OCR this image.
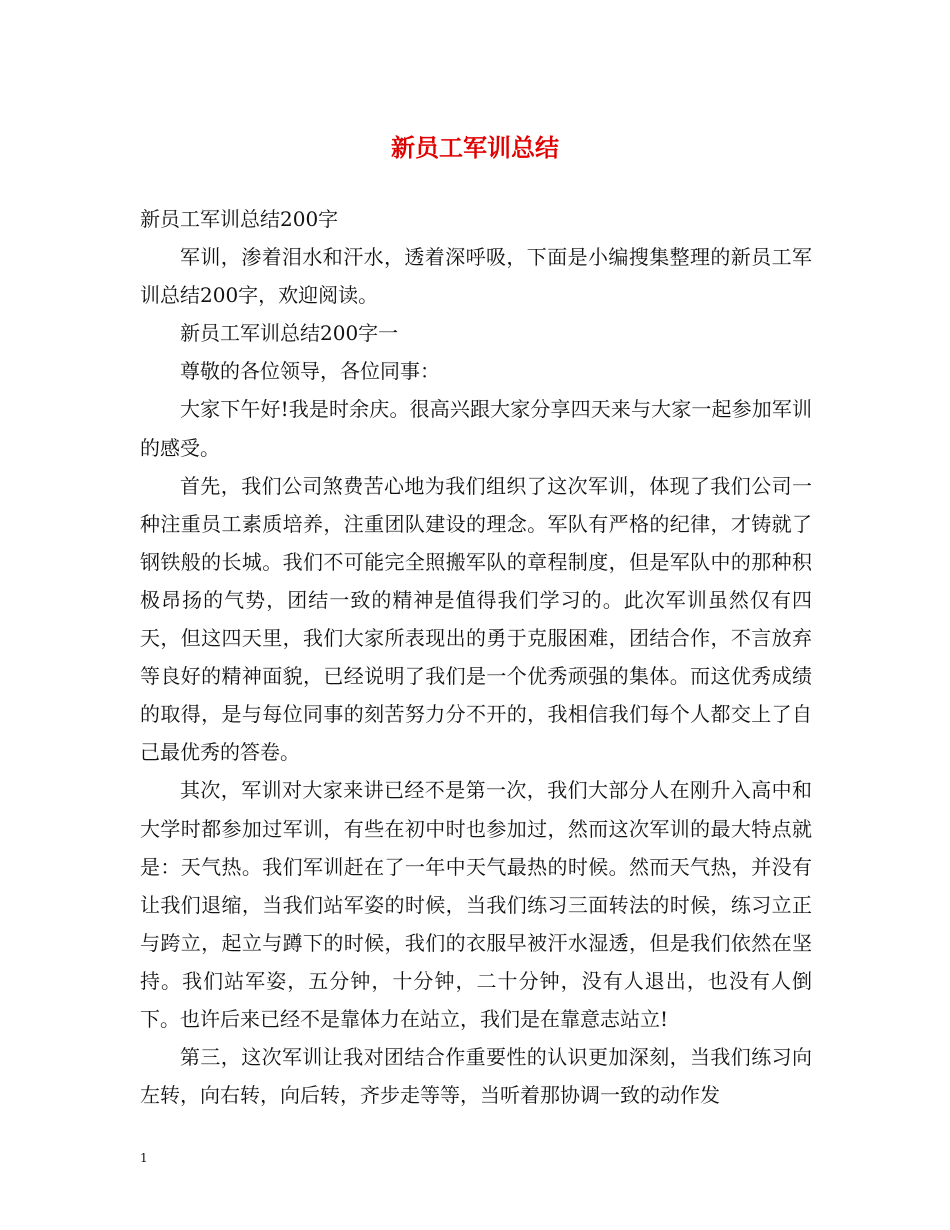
新员工军训总结

新员工军训总结200字

军训，渗着泪水和汗水，透着深呼吸，下面是小编搜集整理的新员工军训总结200字，欢迎阅读。

新员工军训总结200字一

尊敬的各位领导，各位同事：

大家下午好!我是时余庆。很高兴跟大家分享四天来与大家一起参加军训的感受。

首先，我们公司煞费苦心地为我们组织了这次军训，体现了我们公司一种注重员工素质培养，注重团队建设的理念。军队有严格的纪律，才铸就了钢铁般的长城。我们不可能完全照搬军队的章程制度，但是军队中的那种积极昂扬的气势，团结一致的精神是值得我们学习的。此次军训虽然仅有四天，但这四天里，我们大家所表现出的勇于克服困难，团结合作，不言放弃等良好的精神面貌，已经说明了我们是一个优秀顽强的集体。而这优秀成绩的取得，是与每位同事的刻苦努力分不开的，我相信我们每个人都交上了自己最优秀的答卷。

其次，军训对大家来讲已经不是第一次，我们大部分人在刚升入高中和大学时都参加过军训，有些在初中时也参加过，然而这次军训的最大特点就是：天气热。我们军训赶在了一年中天气最热的时候。然而天气热，并没有让我们退缩，当我们站军姿的时候，当我们练习三面转法的时候，练习立正与跨立，起立与蹲下的时候，我们的衣服早被汗水湿透，但是我们依然在坚持。我们站军姿，五分钟，十分钟，二十分钟，没有人退出，也没有人倒下。也许后来已经不是靠体力在站立，我们是在靠意志站立!

第三，这次军训让我对团结合作重要性的认识更加深刻，当我们练习向左转，向右转，向后转，齐步走等等，当听着那协调一致的动作发

1
